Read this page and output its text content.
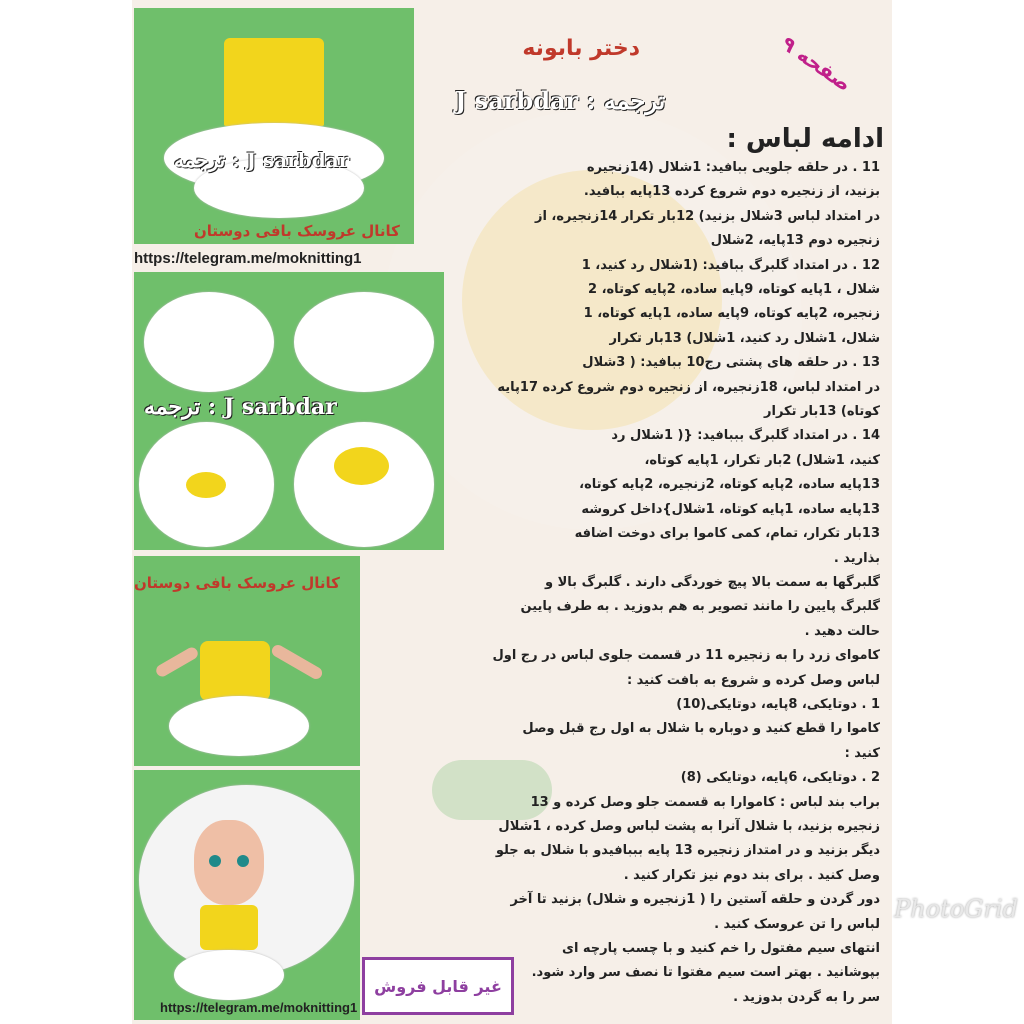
ترجمه : J sarbdar
کانال عروسک بافی دوستان
https://telegram.me/moknitting1
ترجمه : J sarbdar
کانال عروسک بافی دوستان
https://telegram.me/moknitting1
دختر بابونه	صفحه ۹
ترجمه : J sarbdar
ادامه لباس :
11 . در حلقه جلویی ببافید: 1شلال (14زنجیره
بزنید، از زنجیره دوم شروع کرده 13پایه ببافید.
در امتداد لباس 3شلال بزنید) 12بار تکرار 14زنجیره، از
زنجیره دوم 13پایه، 2شلال
12 . در امتداد گلبرگ ببافید: (1شلال رد کنید، 1
شلال ، 1پایه کوتاه، 9پایه ساده، 2پایه کوتاه، 2
زنجیره، 2پایه کوتاه، 9پایه ساده، 1پایه کوتاه، 1
شلال، 1شلال رد کنید، 1شلال) 13بار تکرار
13 . در حلقه های پشتی رج10 ببافید: ( 3شلال
در امتداد لباس، 18زنجیره، از زنجیره دوم شروع کرده 17پایه
کوتاه) 13بار تکرار
14 . در امتداد گلبرگ بببافید: {( 1شلال رد
کنید، 1شلال) 2بار تکرار، 1پایه کوتاه،
13پایه ساده، 2پایه کوتاه، 2زنجیره، 2پایه کوتاه،
13پایه ساده، 1پایه کوتاه، 1شلال}داخل کروشه
13بار تکرار، تمام، کمی کاموا برای دوخت اضافه
بذارید .
گلبرگها به سمت بالا پیچ خوردگی دارند . گلبرگ بالا و
گلبرگ پایین را مانند تصویر به هم بدوزید . به طرف پایین
حالت دهید .
کاموای زرد را به زنجیره 11 در قسمت جلوی لباس در رج اول
لباس وصل کرده و شروع به بافت کنید :
1 . دوتایکی، 8پایه، دوتایکی(10)
کاموا را قطع کنید و دوباره با شلال به اول رج قبل وصل
کنید :
2 . دوتایکی، 6پایه، دوتایکی (8)
براب بند لباس : کاموارا به قسمت جلو وصل کرده و 13
زنجیره بزنید، با شلال آنرا به پشت لباس وصل کرده ، 1شلال
دیگر بزنید و در امتداز زنجیره 13 پایه بببافیدو با شلال به جلو
وصل کنید . برای بند دوم نیز تکرار کنید .
دور گردن و حلقه آستین را ( 1زنجیره و شلال) بزنید تا آخر
لباس را تن عروسک کنید .
انتهای سیم مفتول را خم کنید و با چسب پارچه ای
بپوشانید . بهتر است سیم مفتوا تا نصف سر وارد شود.
سر را به گردن بدوزید .
غیر قابل فروش
PhotoGrid
